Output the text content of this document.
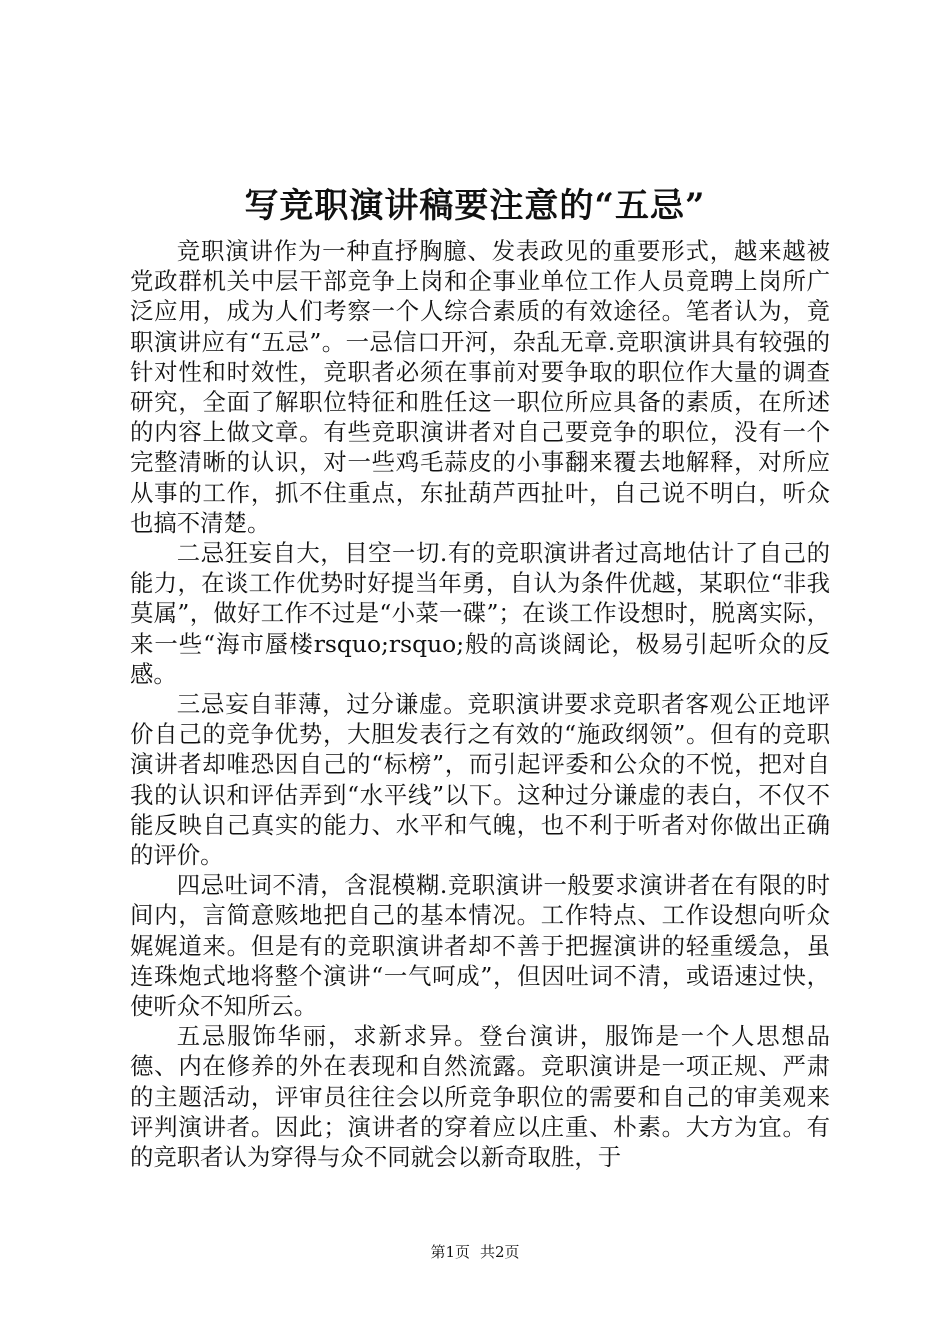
写竞职演讲稿要注意的“五忌”

竞职演讲作为一种直抒胸臆、发表政见的重要形式，越来越被党政群机关中层干部竞争上岗和企事业单位工作人员竟聘上岗所广泛应用，成为人们考察一个人综合素质的有效途径。笔者认为，竟职演讲应有“五忌”。一忌信口开河，杂乱无章.竞职演讲具有较强的针对性和时效性，竞职者必须在事前对要争取的职位作大量的调查研究，全面了解职位特征和胜任这一职位所应具备的素质，在所述的内容上做文章。有些竞职演讲者对自己要竞争的职位，没有一个完整清晰的认识，对一些鸡毛蒜皮的小事翻来覆去地解释，对所应从事的工作，抓不住重点，东扯葫芦西扯叶，自己说不明白，听众也搞不清楚。

二忌狂妄自大，目空一切.有的竞职演讲者过高地估计了自己的能力，在谈工作优势时好提当年勇，自认为条件优越，某职位“非我莫属”，做好工作不过是“小菜一碟”；在谈工作设想时，脱离实际，来一些“海市蜃楼rsquo;rsquo;般的高谈阔论，极易引起听众的反感。

三忌妄自菲薄，过分谦虚。竞职演讲要求竞职者客观公正地评价自己的竞争优势，大胆发表行之有效的“施政纲领”。但有的竞职演讲者却唯恐因自己的“标榜”，而引起评委和公众的不悦，把对自我的认识和评估弄到“水平线”以下。这种过分谦虚的表白，不仅不能反映自己真实的能力、水平和气魄，也不利于听者对你做出正确的评价。

四忌吐词不清，含混模糊.竞职演讲一般要求演讲者在有限的时间内，言简意赅地把自己的基本情况。工作特点、工作设想向听众娓娓道来。但是有的竞职演讲者却不善于把握演讲的轻重缓急，虽连珠炮式地将整个演讲“一气呵成”，但因吐词不清，或语速过快，使听众不知所云。

五忌服饰华丽，求新求异。登台演讲，服饰是一个人思想品德、内在修养的外在表现和自然流露。竞职演讲是一项正规、严肃的主题活动，评审员往往会以所竞争职位的需要和自己的审美观来评判演讲者。因此；演讲者的穿着应以庄重、朴素。大方为宜。有的竞职者认为穿得与众不同就会以新奇取胜，于

第1页 共2页
